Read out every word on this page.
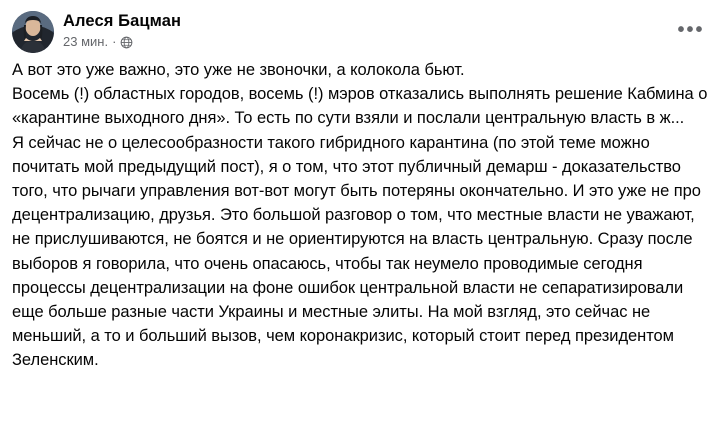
Алеся Бацман
23 мин. ·
•••

А вот это уже важно, это уже не звоночки, а колокола бьют.

Восемь (!) областных городов, восемь (!) мэров отказались выполнять решение Кабмина о «карантине выходного дня». То есть по сути взяли и послали центральную власть в ж...

Я сейчас не о целесообразности такого гибридного карантина (по этой теме можно почитать мой предыдущий пост), я о том, что этот публичный демарш - доказательство того, что рычаги управления вот-вот могут быть потеряны окончательно. И это уже не про децентрализацию, друзья. Это большой разговор о том, что местные власти не уважают, не прислушиваются, не боятся и не ориентируются на власть центральную. Сразу после выборов я говорила, что очень опасаюсь, чтобы так неумело проводимые сегодня процессы децентрализации на фоне ошибок центральной власти не сепаратизировали еще больше разные части Украины и местные элиты. На мой взгляд, это сейчас не меньший, а то и больший вызов, чем коронакризис, который стоит перед президентом Зеленским.
